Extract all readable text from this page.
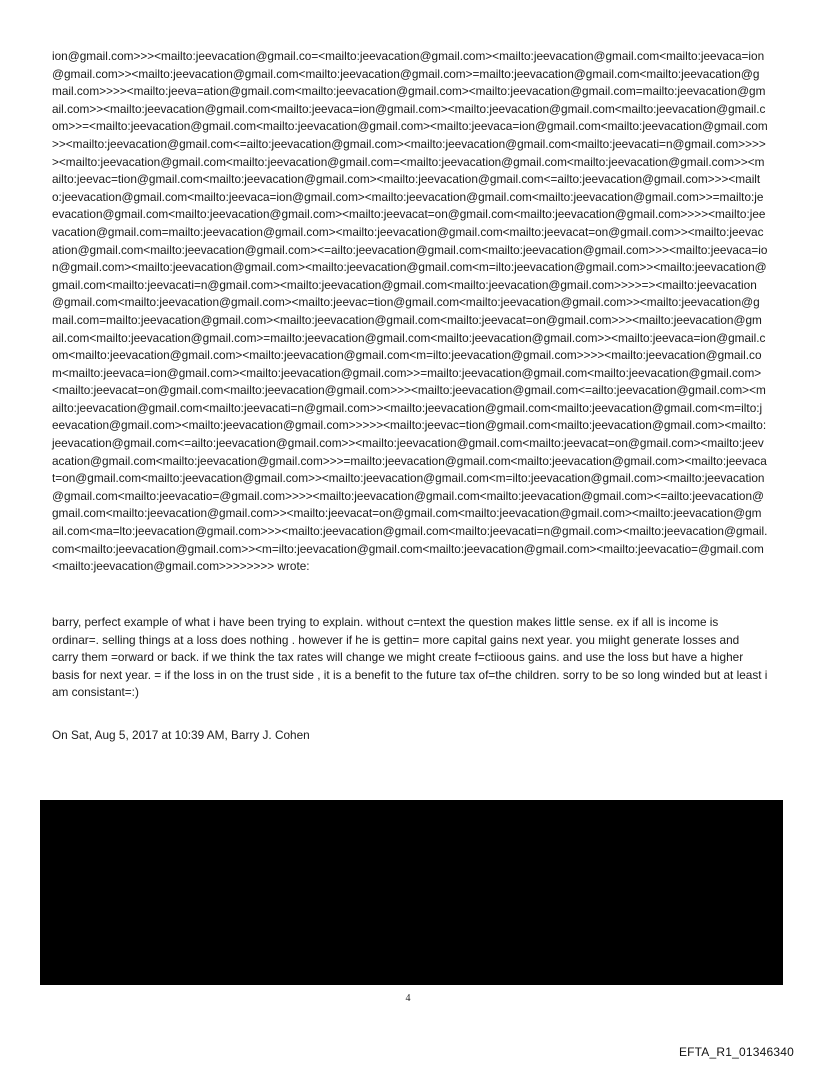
ion@gmail.com>>><mailto:jeevacation@gmail.co=<mailto:jeevacation@gmail.com><mailto:jeevacation@gmail.com<mailto:jeevaca=ion@gmail.com>><mailto:jeevacation@gmail.com<mailto:jeevacation@gmail.com>=mailto:jeevacation@gmail.com<mailto:jeevacation@gmail.com>>>><mailto:jeeva=ation@gmail.com<mailto:jeevacation@gmail.com><mailto:jeevacation@gmail.com=mailto:jeevacation@gmail.com>><mailto:jeevacation@gmail.com<mailto:jeevaca=ion@gmail.com><mailto:jeevacation@gmail.com<mailto:jeevacation@gmail.com>>=<mailto:jeevacation@gmail.com<mailto:jeevacation@gmail.com><mailto:jeevaca=ion@gmail.com<mailto:jeevacation@gmail.com>><mailto:jeevacation@gmail.com<=ailto:jeevacation@gmail.com><mailto:jeevacation@gmail.com<mailto:jeevacati=n@gmail.com>>>>><mailto:jeevacation@gmail.com<mailto:jeevacation@gmail.com=<mailto:jeevacation@gmail.com<mailto:jeevacation@gmail.com>><mailto:jeevac=tion@gmail.com<mailto:jeevacation@gmail.com><mailto:jeevacation@gmail.com<=ailto:jeevacation@gmail.com>>><mailto:jeevacation@gmail.com<mailto:jeevaca=ion@gmail.com><mailto:jeevacation@gmail.com<mailto:jeevacation@gmail.com>>=mailto:jeevacation@gmail.com<mailto:jeevacation@gmail.com><mailto:jeevacat=on@gmail.com<mailto:jeevacation@gmail.com>>>><mailto:jeevacation@gmail.com=mailto:jeevacation@gmail.com><mailto:jeevacation@gmail.com<mailto:jeevacat=on@gmail.com>><mailto:jeevacation@gmail.com<mailto:jeevacation@gmail.com><=ailto:jeevacation@gmail.com<mailto:jeevacation@gmail.com>>><mailto:jeevaca=ion@gmail.com><mailto:jeevacation@gmail.com><mailto:jeevacation@gmail.com<m=ilto:jeevacation@gmail.com>><mailto:jeevacation@gmail.com<mailto:jeevacati=n@gmail.com><mailto:jeevacation@gmail.com<mailto:jeevacation@gmail.com>>>>=><mailto:jeevacation@gmail.com<mailto:jeevacation@gmail.com><mailto:jeevac=tion@gmail.com<mailto:jeevacation@gmail.com>><mailto:jeevacation@gmail.com=mailto:jeevacation@gmail.com><mailto:jeevacation@gmail.com<mailto:jeevacat=on@gmail.com>>><mailto:jeevacation@gmail.com<mailto:jeevacation@gmail.com>=mailto:jeevacation@gmail.com<mailto:jeevacation@gmail.com>><mailto:jeevaca=ion@gmail.com<mailto:jeevacation@gmail.com><mailto:jeevacation@gmail.com<m=ilto:jeevacation@gmail.com>>>><mailto:jeevacation@gmail.com<mailto:jeevaca=ion@gmail.com><mailto:jeevacation@gmail.com>>=mailto:jeevacation@gmail.com<mailto:jeevacation@gmail.com><mailto:jeevacat=on@gmail.com<mailto:jeevacation@gmail.com>>><mailto:jeevacation@gmail.com<=ailto:jeevacation@gmail.com><mailto:jeevacation@gmail.com<mailto:jeevacati=n@gmail.com>><mailto:jeevacation@gmail.com<mailto:jeevacation@gmail.com<m=ilto:jeevacation@gmail.com><mailto:jeevacation@gmail.com>>>>><mailto:jeevac=tion@gmail.com<mailto:jeevacation@gmail.com><mailto:jeevacation@gmail.com<=ailto:jeevacation@gmail.com>><mailto:jeevacation@gmail.com<mailto:jeevacat=on@gmail.com><mailto:jeevacation@gmail.com<mailto:jeevacation@gmail.com>>>=mailto:jeevacation@gmail.com<mailto:jeevacation@gmail.com><mailto:jeevacat=on@gmail.com<mailto:jeevacation@gmail.com>><mailto:jeevacation@gmail.com<m=ilto:jeevacation@gmail.com><mailto:jeevacation@gmail.com<mailto:jeevacatio=@gmail.com>>>><mailto:jeevacation@gmail.com<mailto:jeevacation@gmail.com><=ailto:jeevacation@gmail.com<mailto:jeevacation@gmail.com>><mailto:jeevacat=on@gmail.com<mailto:jeevacation@gmail.com><mailto:jeevacation@gmail.com<ma=lto:jeevacation@gmail.com>>><mailto:jeevacation@gmail.com<mailto:jeevacati=n@gmail.com><mailto:jeevacation@gmail.com<mailto:jeevacation@gmail.com>><m=ilto:jeevacation@gmail.com<mailto:jeevacation@gmail.com><mailto:jeevacatio=@gmail.com<mailto:jeevacation@gmail.com>>>>>>>> wrote:

barry, perfect example of what i have been trying to explain. without c=ntext the question makes little sense. ex if all is income is ordinar=. selling things at a loss does nothing . however if he is gettin= more capital gains next year. you miight generate losses and carry them =orward or back. if we think the tax rates will change we might create f=ctiioous gains. and use the loss but have a higher basis for next year. = if the loss in on the trust side , it is a benefit to the future tax of=the children. sorry to be so long winded but at least i am consistant=:)

On Sat, Aug 5, 2017 at 10:39 AM, Barry J. Cohen

4
EFTA_R1_01346340
